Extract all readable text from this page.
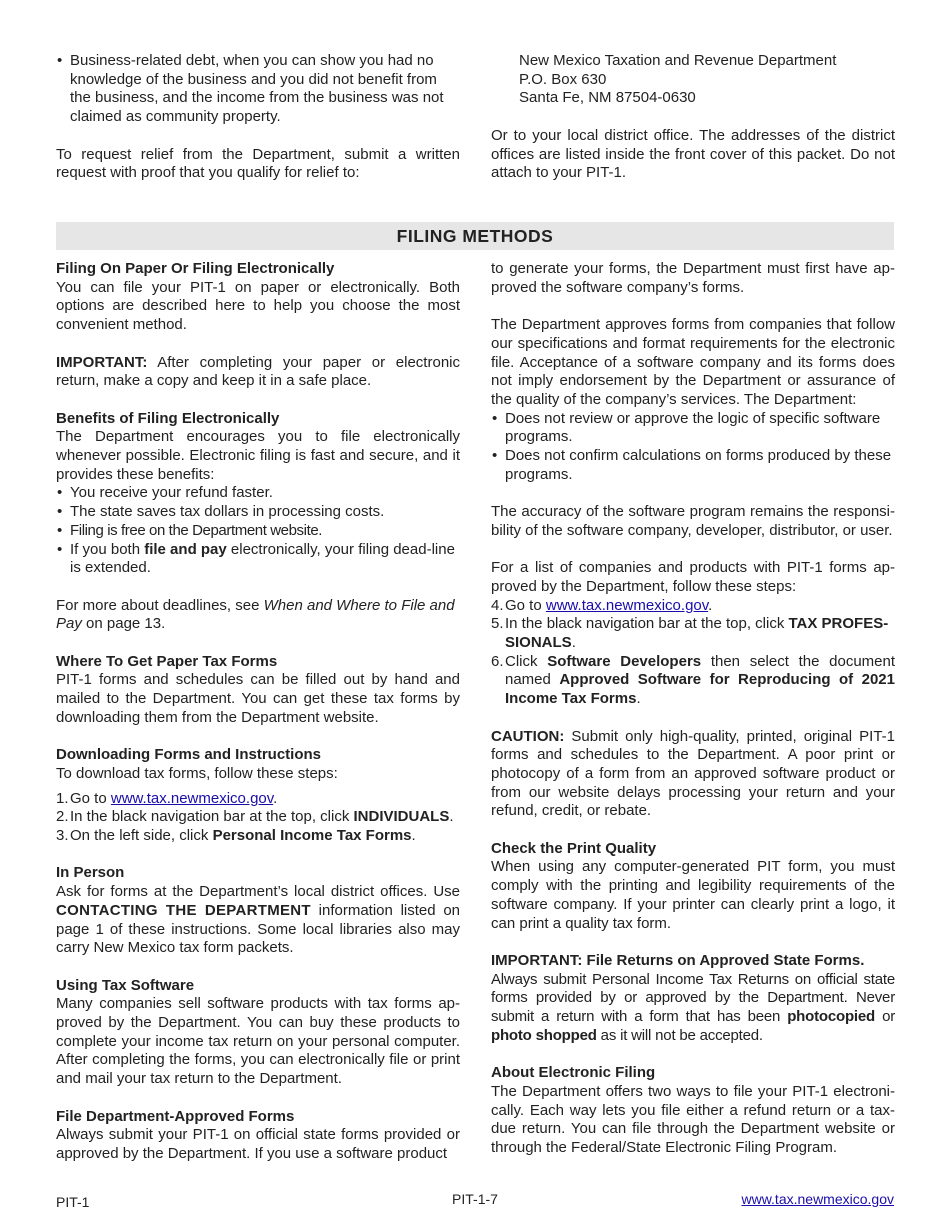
• Business-related debt, when you can show you had no knowledge of the business and you did not benefit from the business, and the income from the business was not claimed as community property.

To request relief from the Department, submit a written request with proof that you qualify for relief to:

New Mexico Taxation and Revenue Department

P.O. Box 630

Santa Fe, NM 87504-0630

Or to your local district office. The addresses of the district offices are listed inside the front cover of this packet. Do not attach to your PIT-1.

FILING METHODS

Filing On Paper Or Filing Electronically

You can file your PIT-1 on paper or electronically. Both options are described here to help you choose the most convenient method.

IMPORTANT: After completing your paper or electronic return, make a copy and keep it in a safe place.

Benefits of Filing Electronically

The Department encourages you to file electronically whenever possible. Electronic filing is fast and secure, and it provides these benefits:

• You receive your refund faster.
• The state saves tax dollars in processing costs.
• Filing is free on the Department website.
• If you both file and pay electronically, your filing dead-line is extended.

For more about deadlines, see When and Where to File and Pay on page 13.

Where To Get Paper Tax Forms

PIT-1 forms and schedules can be filled out by hand and mailed to the Department. You can get these tax forms by downloading them from the Department website.

Downloading Forms and Instructions

To download tax forms, follow these steps:

1. Go to www.tax.newmexico.gov.
2. In the black navigation bar at the top, click INDIVIDUALS.
3. On the left side, click Personal Income Tax Forms.

In Person

Ask for forms at the Department’s local district offices. Use CONTACTING THE DEPARTMENT information listed on page 1 of these instructions. Some local libraries also may carry New Mexico tax form packets.

Using Tax Software

Many companies sell software products with tax forms ap-proved by the Department. You can buy these products to complete your income tax return on your personal computer. After completing the forms, you can electronically file or print and mail your tax return to the Department.

File Department-Approved Forms

Always submit your PIT-1 on official state forms provided or approved by the Department. If you use a software product

to generate your forms, the Department must first have ap-proved the software company’s forms.

The Department approves forms from companies that follow our specifications and format requirements for the electronic file. Acceptance of a software company and its forms does not imply endorsement by the Department or assurance of the quality of the company’s services. The Department:

• Does not review or approve the logic of specific software programs.
• Does not confirm calculations on forms produced by these programs.

The accuracy of the software program remains the responsi-bility of the software company, developer, distributor, or user.

For a list of companies and products with PIT-1 forms ap-proved by the Department, follow these steps:

4. Go to www.tax.newmexico.gov.
5. In the black navigation bar at the top, click TAX PROFES-SIONALS.
6. Click Software Developers then select the document named Approved Software for Reproducing of 2021 Income Tax Forms.

CAUTION: Submit only high-quality, printed, original PIT-1 forms and schedules to the Department. A poor print or photocopy of a form from an approved software product or from our website delays processing your return and your refund, credit, or rebate.

Check the Print Quality

When using any computer-generated PIT form, you must comply with the printing and legibility requirements of the software company. If your printer can clearly print a logo, it can print a quality tax form.

IMPORTANT: File Returns on Approved State Forms.

Always submit Personal Income Tax Returns on official state forms provided by or approved by the Department. Never submit a return with a form that has been photocopied or photo shopped as it will not be accepted.

About Electronic Filing

The Department offers two ways to file your PIT-1 electroni-cally. Each way lets you file either a refund return or a tax-due return. You can file through the Department website or through the Federal/State Electronic Filing Program.

PIT-1	PIT-1-7	www.tax.newmexico.gov
